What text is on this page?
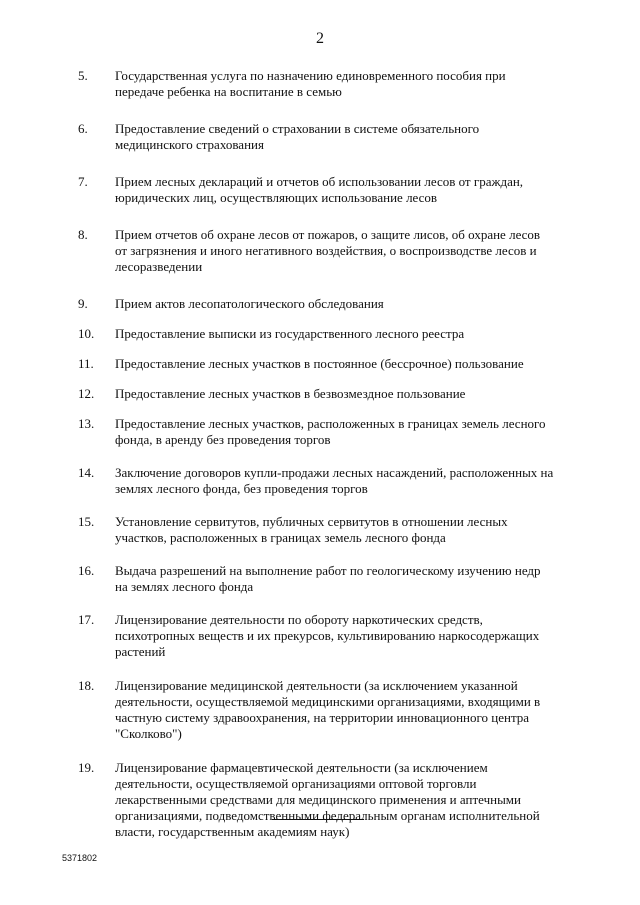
2
5.	Государственная услуга по назначению единовременного пособия при передаче ребенка на воспитание в семью
6.	Предоставление сведений о страховании в системе обязательного медицинского страхования
7.	Прием лесных деклараций и отчетов об использовании лесов от граждан, юридических лиц, осуществляющих использование лесов
8.	Прием отчетов об охране лесов от пожаров, о защите лисов, об охране лесов от загрязнения и иного негативного воздействия, о воспроизводстве лесов и лесоразведении
9.	Прием актов лесопатологического обследования
10.	Предоставление выписки из государственного лесного реестра
11.	Предоставление лесных участков в постоянное (бессрочное) пользование
12.	Предоставление лесных участков в безвозмездное пользование
13.	Предоставление лесных участков, расположенных в границах земель лесного фонда, в аренду без проведения торгов
14.	Заключение договоров купли-продажи лесных насаждений, расположенных на землях лесного фонда, без проведения торгов
15.	Установление сервитутов, публичных сервитутов в отношении лесных участков, расположенных в границах земель лесного фонда
16.	Выдача разрешений на выполнение работ по геологическому изучению недр на землях лесного фонда
17.	Лицензирование деятельности по обороту наркотических средств, психотропных веществ и их прекурсов, культивированию наркосодержащих растений
18.	Лицензирование медицинской деятельности (за исключением указанной деятельности, осуществляемой медицинскими организациями, входящими в частную систему здравоохранения, на территории инновационного центра "Сколково")
19.	Лицензирование фармацевтической деятельности (за исключением деятельности, осуществляемой организациями оптовой торговли лекарственными средствами для медицинского применения и аптечными организациями, подведомственными федеральным органам исполнительной власти, государственным академиям наук)
5371802
